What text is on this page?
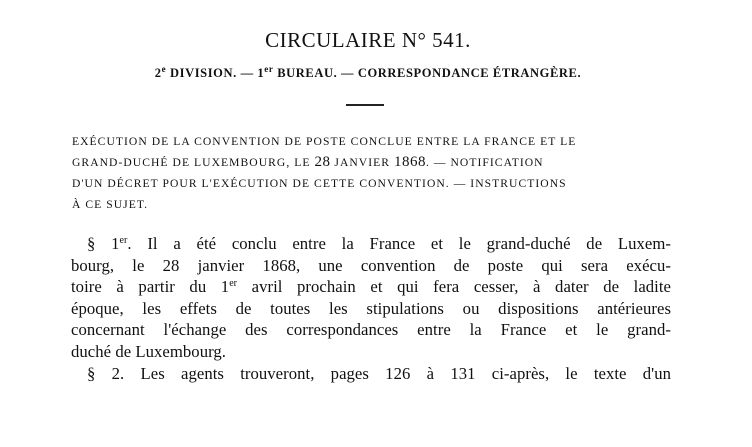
CIRCULAIRE N° 541.
2e DIVISION. — 1er BUREAU. — CORRESPONDANCE ÉTRANGÈRE.
EXÉCUTION DE LA CONVENTION DE POSTE CONCLUE ENTRE LA FRANCE ET LE
GRAND-DUCHÉ DE LUXEMBOURG, LE 28 JANVIER 1868. — NOTIFICATION
D'UN DÉCRET POUR L'EXÉCUTION DE CETTE CONVENTION. — INSTRUCTIONS
À CE SUJET.
§ 1er. Il a été conclu entre la France et le grand-duché de Luxem-
bourg, le 28 janvier 1868, une convention de poste qui sera exécu-
toire à partir du 1er avril prochain et qui fera cesser, à dater de ladite
époque, les effets de toutes les stipulations ou dispositions antérieures
concernant l'échange des correspondances entre la France et le grand-
duché de Luxembourg.
§ 2. Les agents trouveront, pages 126 à 131 ci-après, le texte d'un
